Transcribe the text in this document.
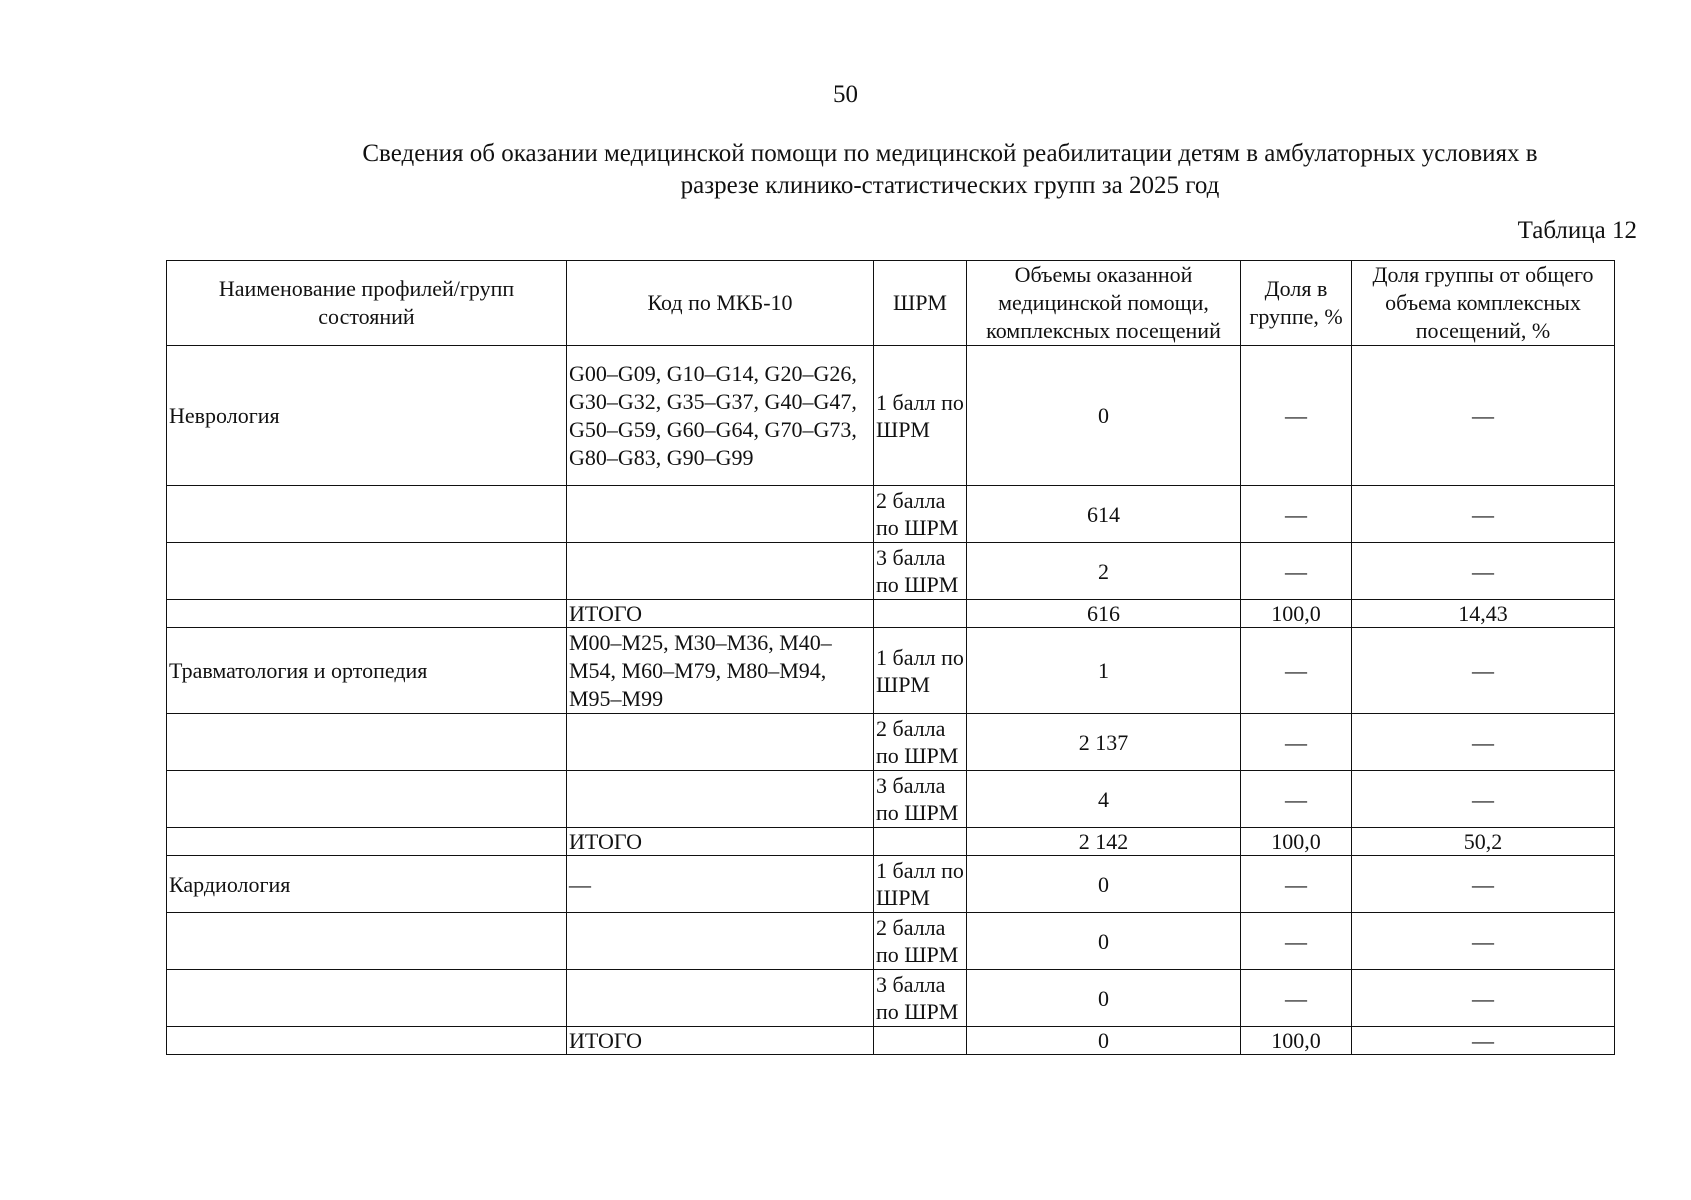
50
Сведения об оказании медицинской помощи по медицинской реабилитации детям в амбулаторных условиях в
разрезе клинико-статистических групп за 2025 год
Таблица 12
Наименование профилей/групп состояний	Код по МКБ-10	ШРМ	Объемы оказанной медицинской помощи, комплексных посещений	Доля в группе, %	Доля группы от общего объема комплексных посещений, %
Неврология	G00–G09, G10–G14, G20–G26, G30–G32, G35–G37, G40–G47, G50–G59, G60–G64, G70–G73, G80–G83, G90–G99	1 балл по ШРМ	0	—	—
		2 балла по ШРМ	614	—	—
		3 балла по ШРМ	2	—	—
	ИТОГО		616	100,0	14,43
Травматология и ортопедия	M00–M25, M30–M36, M40–M54, M60–M79, M80–M94, M95–M99	1 балл по ШРМ	1	—	—
		2 балла по ШРМ	2 137	—	—
		3 балла по ШРМ	4	—	—
	ИТОГО		2 142	100,0	50,2
Кардиология	—	1 балл по ШРМ	0	—	—
		2 балла по ШРМ	0	—	—
		3 балла по ШРМ	0	—	—
	ИТОГО		0	100,0	—
